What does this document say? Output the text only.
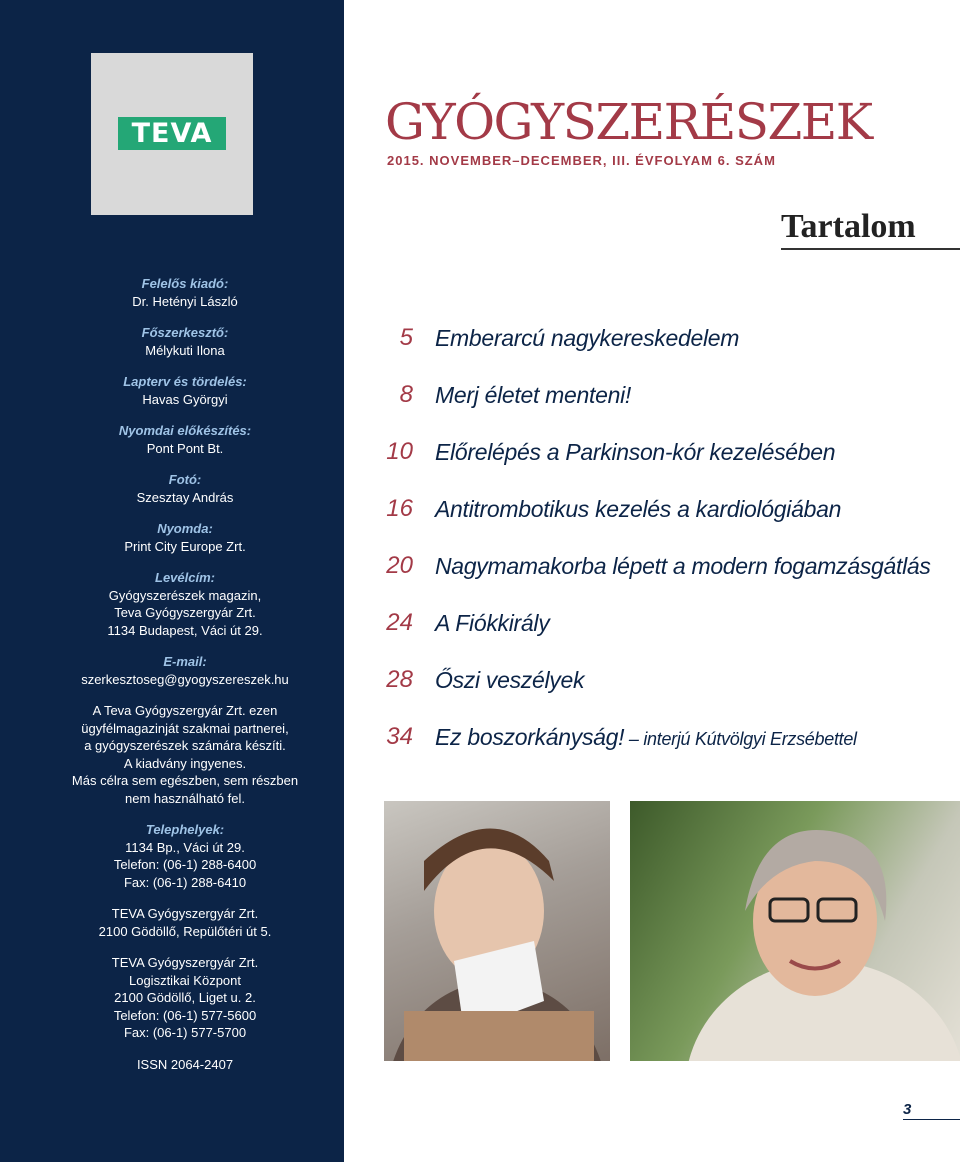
TEVA
Felelős kiadó:
Dr. Hetényi László
Főszerkesztő:
Mélykuti Ilona
Lapterv és tördelés:
Havas Györgyi
Nyomdai előkészítés:
Pont Pont Bt.
Fotó:
Szesztay András
Nyomda:
Print City Europe Zrt.
Levélcím:
Gyógyszerészek magazin,
Teva Gyógyszergyár Zrt.
1134 Budapest, Váci út 29.
E-mail:
szerkesztoseg@gyogyszereszek.hu
A Teva Gyógyszergyár Zrt. ezen
ügyfélmagazinját szakmai partnerei,
a gyógyszerészek számára készíti.
A kiadvány ingyenes.
Más célra sem egészben, sem részben
nem használható fel.
Telephelyek:
1134 Bp., Váci út 29.
Telefon: (06-1) 288-6400
Fax: (06-1) 288-6410
TEVA Gyógyszergyár Zrt.
2100 Gödöllő, Repülőtéri út 5.
TEVA Gyógyszergyár Zrt.
Logisztikai Központ
2100 Gödöllő, Liget u. 2.
Telefon: (06-1) 577-5600
Fax: (06-1) 577-5700
ISSN 2064-2407
GYÓGYSZERÉSZEK
2015. NOVEMBER–DECEMBER, III. ÉVFOLYAM 6. SZÁM
Tartalom
5 Emberarcú nagykereskedelem
8 Merj életet menteni!
10 Előrelépés a Parkinson-kór kezelésében
16 Antitrombotikus kezelés a kardiológiában
20 Nagymamakorba lépett a modern fogamzásgátlás
24 A Fiókkirály
28 Őszi veszélyek
34 Ez boszorkányság! – interjú Kútvölgyi Erzsébettel
3
